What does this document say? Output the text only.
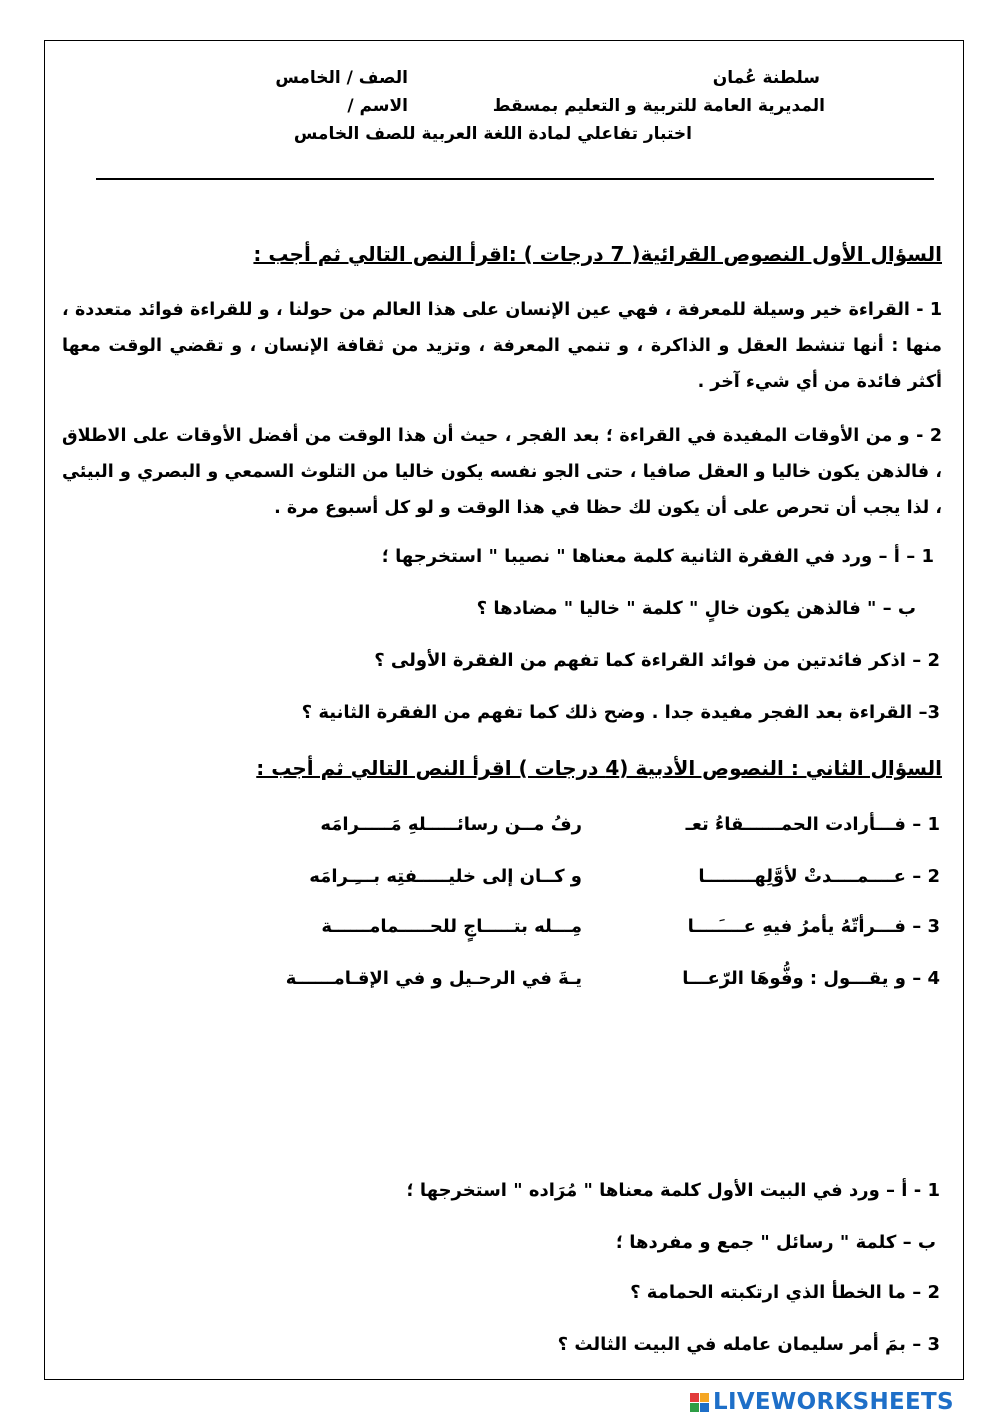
سلطنة عُمان
الصف / الخامس
المديرية العامة للتربية و التعليم بمسقط
الاسم /
اختبار تفاعلي لمادة اللغة العربية للصف الخامس
السؤال الأول النصوص القرائية( 7 درجات ) :اقرأ النص التالي ثم أجب :
1 - القراءة خير وسيلة للمعرفة ، فهي عين الإنسان على هذا العالم من حولنا ، و للقراءة فوائد متعددة ، منها : أنها تنشط العقل و الذاكرة ، و تنمي المعرفة ، وتزيد من ثقافة الإنسان ، و تقضي الوقت معها أكثر فائدة من أي شيء آخر .
2 - و من الأوقات المفيدة في القراءة ؛ بعد الفجر ، حيث أن هذا الوقت من أفضل الأوقات على الاطلاق ، فالذهن يكون خاليا و العقل صافيا ، حتى الجو نفسه يكون خاليا من التلوث السمعي و البصري و البيئي ، لذا يجب أن تحرص على أن يكون لك حظا في هذا الوقت و لو كل أسبوع مرة .
1 – أ – ورد في الفقرة الثانية كلمة معناها " نصيبا " استخرجها ؛
ب – " فالذهن يكون خالٍ " كلمة " خاليا " مضادها ؟
2 – اذكر فائدتين من فوائد القراءة كما تفهم من الفقرة الأولى ؟
3– القراءة بعد الفجر مفيدة جدا . وضح ذلك كما تفهم من الفقرة الثانية ؟
السؤال الثاني : النصوص الأدبية (4 درجات ) اقرأ النص التالي ثم أجب :
1 – فـــأرادت الحمــــــقاءُ تعـ
رفُ مــن رسائـــــلهِ مَـــــرامَه
2 – عــــمــــدتْ لأوَّلِهــــــــا
و كــان إلى خليـــــفتِه بـــِـرامَه
3 – فـــرأتّهُ يأمرُ فيهِ عــــَــــا
مِـــله بتـــــاجٍ للحـــــمامــــــة
4 – و يقـــول : وفُّوهَا الرّعـــا
يـةَ في الرحـيل و في الإقـامــــــة
1 - أ – ورد في البيت الأول كلمة معناها " مُرَاده " استخرجها ؛
ب – كلمة " رسائل " جمع و مفردها ؛
2 – ما الخطأ الذي ارتكبته الحمامة ؟
3 – بمَ أمر سليمان عامله في البيت الثالث ؟
LIVEWORKSHEETS
